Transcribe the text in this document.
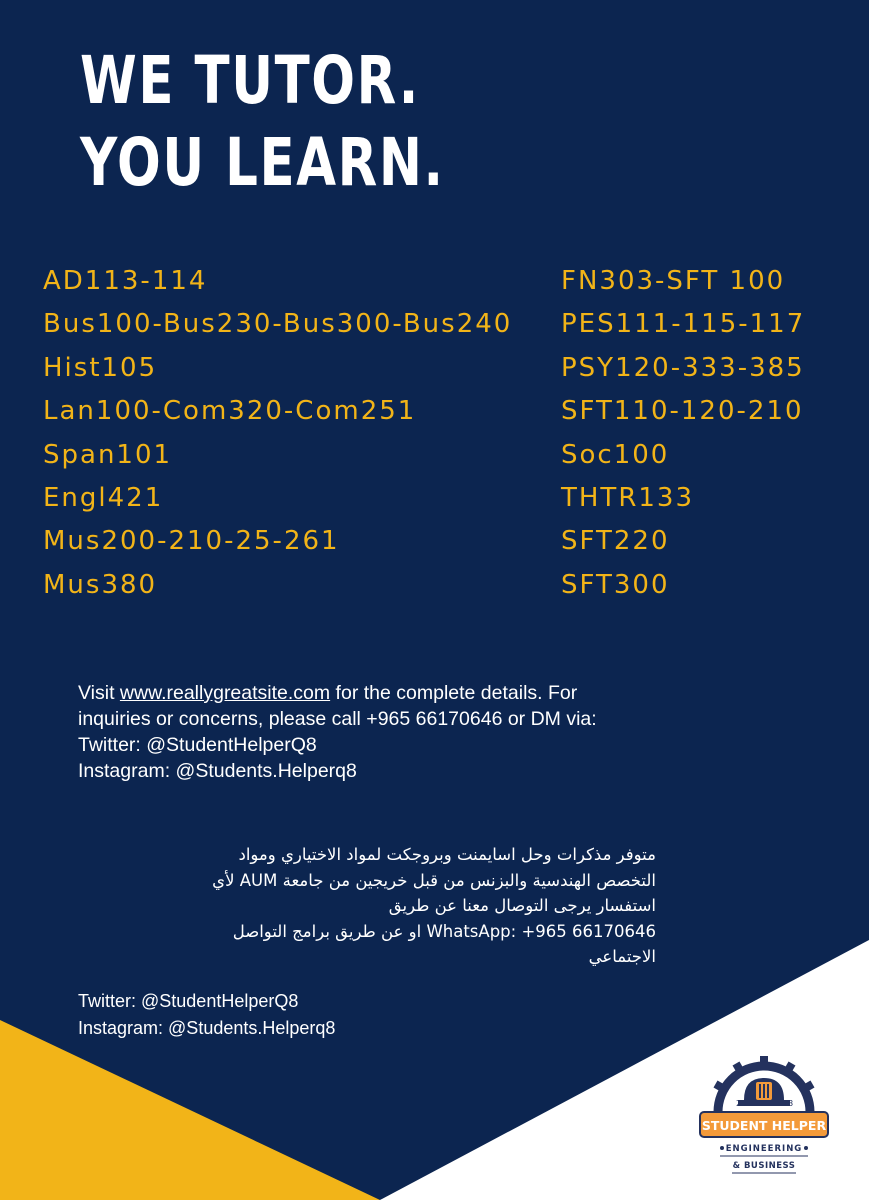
WE TUTOR.
YOU LEARN.
AD113-114
Bus100-Bus230-Bus300-Bus240
Hist105
Lan100-Com320-Com251
Span101
Engl421
Mus200-210-25-261
Mus380
FN303-SFT 100
PES111-115-117
PSY120-333-385
SFT110-120-210
Soc100
THTR133
SFT220
SFT300

Visit www.reallygreatsite.com for the complete details. For

inquiries or concerns, please call +965 66170646 or DM via:

Twitter: @StudentHelperQ8

Instagram: @Students.Helperq8

متوفر مذكرات وحل اسايمنت وبروجكت لمواد الاختياري ومواد

التخصص الهندسية والبزنس من قبل خريجين من جامعة AUM لأي

استفسار يرجى التوصال معنا عن طريق

WhatsApp: +965 66170646 او عن طريق برامج التواصل

الاجتماعي

Twitter: @StudentHelperQ8

Instagram: @Students.Helperq8

20	23
STUDENT HELPER
ENGINEERING
& BUSINESS
